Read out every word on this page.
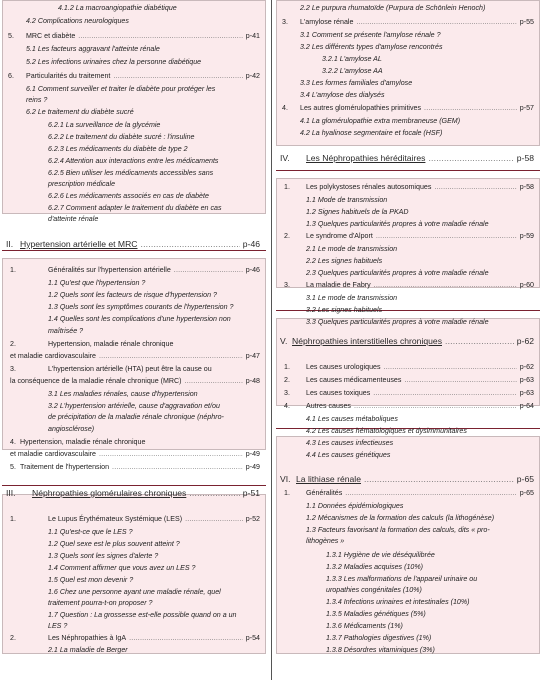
4.1.2 La macroangiopathie diabétique
4.2 Complications neurologiques
5. MRC et diabète	p-41
.....
5.1 Les facteurs aggravant l'atteinte rénale
5.2 Les infections urinaires chez la personne diabétique
6. Particularités du traitement	p-42
.....
6.1 Comment surveiller et traiter le diabète pour protéger les
reins ?
6.2 Le traitement du diabète sucré
6.2.1 La surveillance de la glycémie
6.2.2 Le traitement du diabète sucré : l'insuline
6.2.3 Les médicaments du diabète de type 2
6.2.4 Attention aux interactions entre les médicaments
6.2.5 Bien utiliser les médicaments accessibles sans
prescription médicale
6.2.6 Les médicaments associés en cas de diabète
6.2.7 Comment adapter le traitement du diabète en cas
d'atteinte rénale
II. Hypertension artérielle et MRC	p-46
.....
1.	Généralités sur l'hypertension artérielle	p-46
.....
1.1 Qu'est que l'hypertension ?
1.2 Quels sont les facteurs de risque d'hypertension ?
1.3 Quels sont les symptômes courants de l'hypertension ?
1.4 Quelles sont les complications d'une hypertension non
maîtrisée ?
2.	Hypertension, maladie rénale chronique
et maladie cardiovasculaire	p-47
.....
3.	L'hypertension artérielle (HTA) peut être la cause ou
la conséquence de la maladie rénale chronique (MRC)	p-48
.....
3.1 Les maladies rénales, cause d'hypertension
3.2 L'hypertension artérielle, cause d'aggravation et/ou
de précipitation de la maladie rénale chronique (néphro-
angiosclérose)
4. Hypertension, maladie rénale chronique
et maladie cardiovasculaire	p-49
.....
5. Traitement de l'hypertension	p-49
.....
III. Néphropathies glomérulaires chroniques	p-51
.....
1.	Le Lupus Érythémateux Systémique (LES)	p-52
.....
1.1 Qu'est-ce que le LES ?
1.2 Quel sexe est le plus souvent atteint ?
1.3 Quels sont les signes d'alerte ?
1.4 Comment affirmer que vous avez un LES ?
1.5 Quel est mon devenir ?
1.6 Chez une personne ayant une maladie rénale, quel
traitement pourra-t-on proposer ?
1.7 Question : La grossesse est-elle possible quand on a un
LES ?
2.	Les Néphropathies à IgA	p-54
.....
2.1 La maladie de Berger
2.2 Le purpura rhumatoïde (Purpura de Schönlein Henoch)
3. L'amylose rénale	p-55
.....
3.1 Comment se présente l'amylose rénale ?
3.2 Les différents types d'amylose rencontrés
3.2.1 L'amylose AL
3.2.2 L'amylose AA
3.3 Les formes familiales d'amylose
3.4 L'amylose des dialysés
4. Les autres glomérulopathies primitives	p-57
.....
4.1 La glomérulopathie extra membraneuse (GEM)
4.2 La hyalinose segmentaire et focale (HSF)
IV. Les Néphropathies héréditaires	p-58
.....
1. Les polykystoses rénales autosomiques	p-58
.....
1.1 Mode de transmission
1.2 Signes habituels de la PKAD
1.3 Quelques particularités propres à votre maladie rénale
2. Le syndrome d'Alport	p-59
.....
2.1 Le mode de transmission
2.2 Les signes habituels
2.3 Quelques particularités propres à votre maladie rénale
3. La maladie de Fabry	p-60
.....
3.1 Le mode de transmission
3.2 Les signes habituels
3.3 Quelques particularités propres à votre maladie rénale
V. Néphropathies interstitielles chroniques	p-62
.....
1. Les causes urologiques	p-62
.....
2. Les causes médicamenteuses	p-63
.....
3. Les causes toxiques	p-63
.....
4. Autres causes	p-64
.....
4.1 Les causes métaboliques
4.2 Les causes hématologiques et dysimmunitaires
4.3 Les causes infectieuses
4.4 Les causes génétiques
VI. La lithiase rénale	p-65
.....
1. Généralités	p-65
.....
1.1 Données épidémiologiques
1.2 Mécanismes de la formation des calculs (la lithogénèse)
1.3 Facteurs favorisant la formation des calculs, dits « pro-
lithogènes »
1.3.1 Hygiène de vie déséquilibrée
1.3.2 Maladies acquises (10%)
1.3.3 Les malformations de l'appareil urinaire ou
uropathies congénitales (10%)
1.3.4 Infections urinaires et intestinales (10%)
1.3.5 Maladies génétiques (5%)
1.3.6 Médicaments (1%)
1.3.7 Pathologies digestives (1%)
1.3.8 Désordres vitaminiques (3%)
